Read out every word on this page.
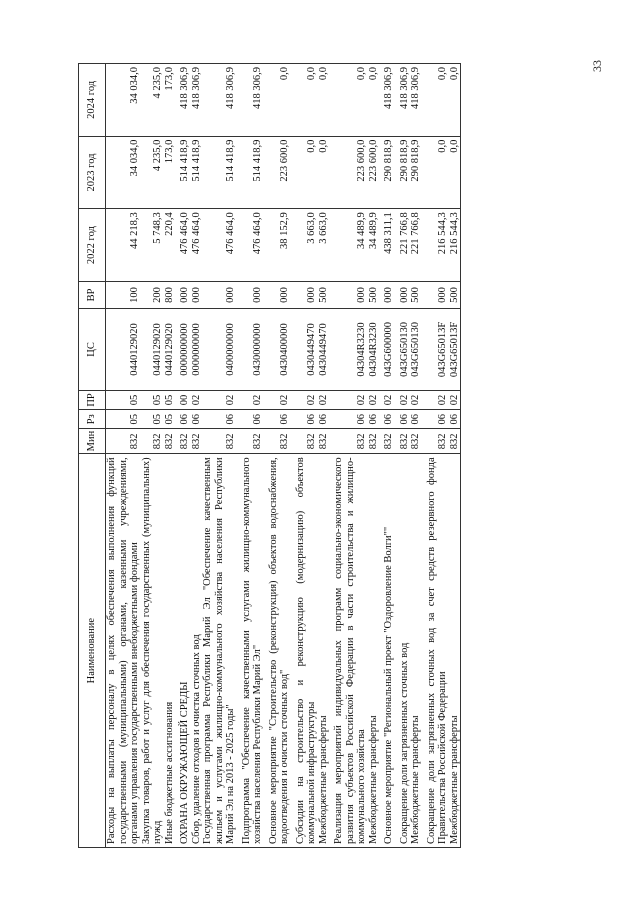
33
Наименование	Мин	Рз	ПР	ЦС	ВР	2022 год	2023 год	2024 год
Расходы на выплаты персоналу в целях обеспечения выполнения функций государственными (муниципальными) органами, казенными учреждениями, органами управления государственными внебюджетными фондами	832	05	05	0440129020	100	44 218,3	34 034,0	34 034,0
Закупка товаров, работ и услуг для обеспечения государственных (муниципальных) нужд	832	05	05	0440129020	200	5 748,3	4 235,0	4 235,0
Иные бюджетные ассигнования	832	05	05	0440129020	800	220,4	173,0	173,0

ОХРАНА ОКРУЖАЮЩЕЙ СРЕДЫ	832	06	00	0000000000	000	476 464,0	514 418,9	418 306,9
Сбор, удаление отходов и очистка сточных вод	832	06	02	0000000000	000	476 464,0	514 418,9	418 306,9
Государственная программа Республики Марий Эл "Обеспечение качественным жильем и услугами жилищно-коммунального хозяйства населения Республики Марий Эл на 2013 - 2025 годы"	832	06	02	0400000000	000	476 464,0	514 418,9	418 306,9

Подпрограмма "Обеспечение качественными услугами жилищно-коммунального хозяйства населения Республики Марий Эл"	832	06	02	0430000000	000	476 464,0	514 418,9	418 306,9

Основное мероприятие "Строительство (реконструкция) объектов водоснабжения, водоотведения и очистки сточных вод"	832	06	02	0430400000	000	38 152,9	223 600,0	0,0

Субсидии на строительство и реконструкцию (модернизацию) объектов коммунальной инфраструктуры	832	06	02	0430449470	000	3 663,0	0,0	0,0
Межбюджетные трансферты	832	06	02	0430449470	500	3 663,0	0,0	0,0

Реализация мероприятий индивидуальных программ социально-экономического развития субъектов Российской Федерации в части строительства и жилищно-коммунального хозяйства	832	06	02	04304R3230	000	34 489,9	223 600,0	0,0
Межбюджетные трансферты	832	06	02	04304R3230	500	34 489,9	223 600,0	0,0

Основное мероприятие "Региональный проект "Оздоровление Волги""	832	06	02	043G600000	000	438 311,1	290 818,9	418 306,9

Сокращение доли загрязненных сточных вод	832	06	02	043G650130	000	221 766,8	290 818,9	418 306,9
Межбюджетные трансферты	832	06	02	043G650130	500	221 766,8	290 818,9	418 306,9

Сокращение доли загрязненных сточных вод за счет средств резервного фонда Правительства Российской Федерации	832	06	02	043G65013F	000	216 544,3	0,0	0,0
Межбюджетные трансферты	832	06	02	043G65013F	500	216 544,3	0,0	0,0
